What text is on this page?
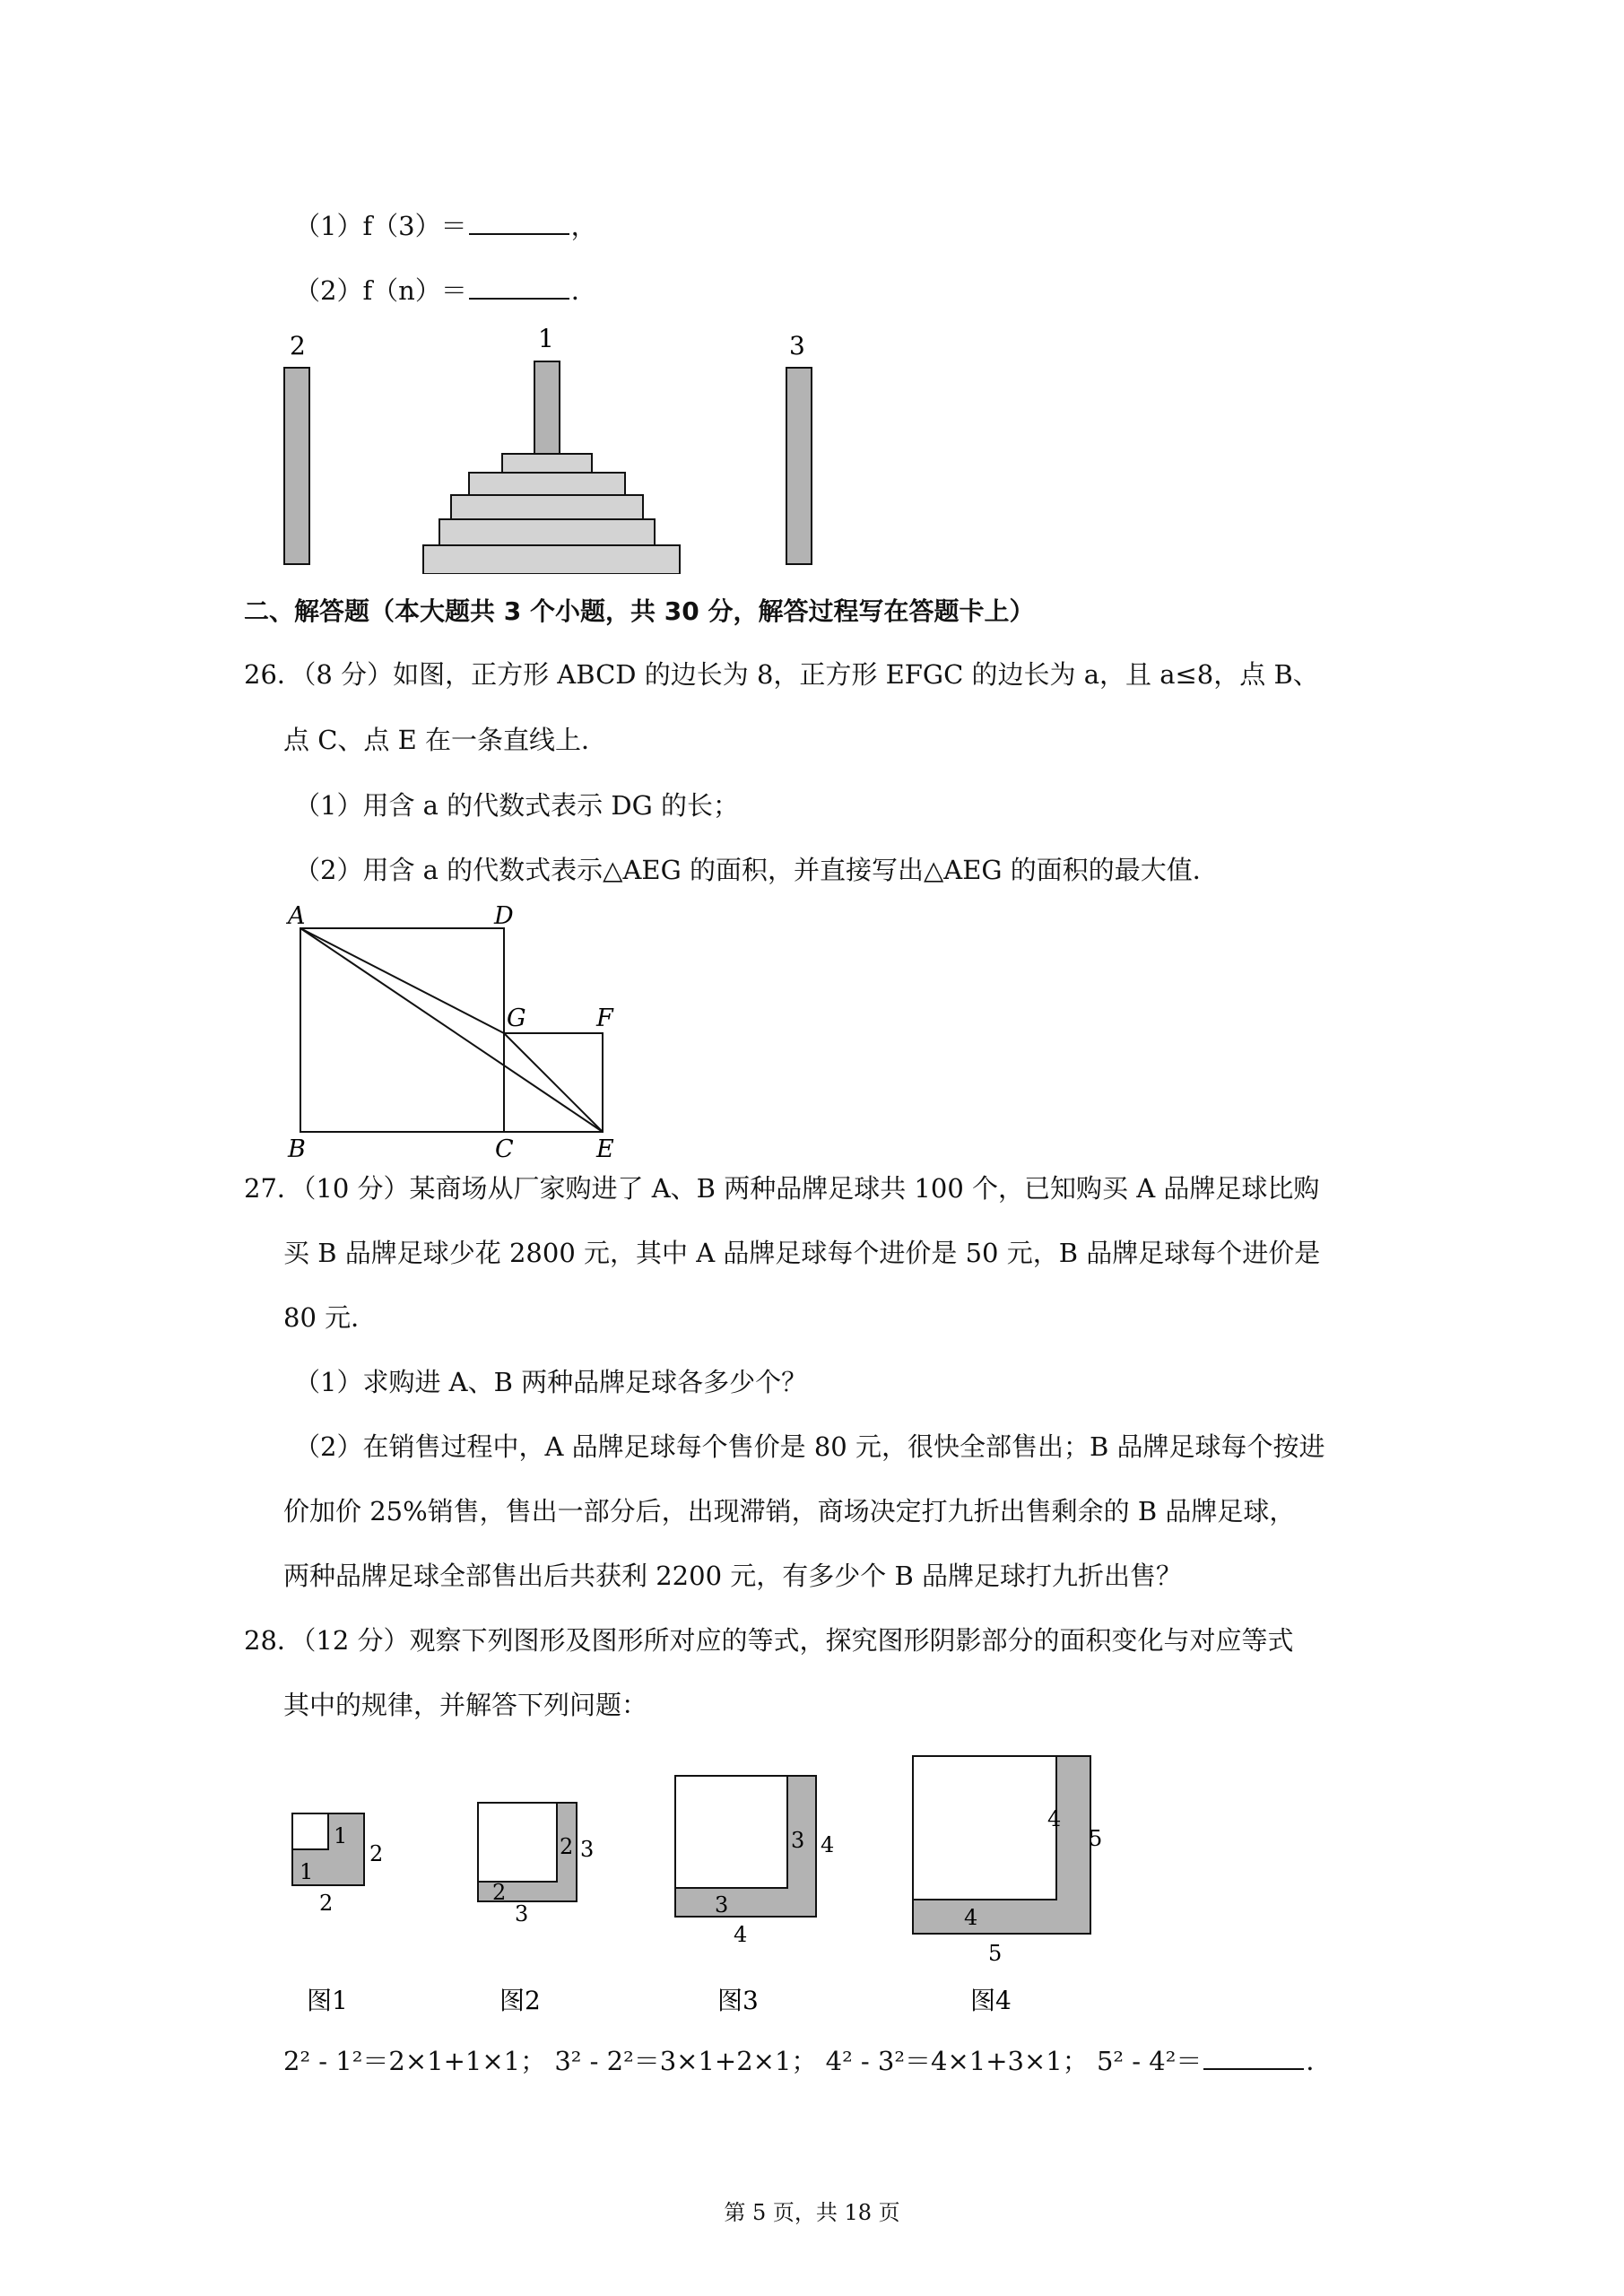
（1）f（3）＝	，
（2）f（n）＝	．
2	1	3
二、解答题（本大题共 3 个小题，共 30 分，解答过程写在答题卡上）
26．（8 分）如图，正方形 ABCD 的边长为 8，正方形 EFGC 的边长为 a，且 a≤8，点 B、
点 C、点 E 在一条直线上．
（1）用含 a 的代数式表示 DG 的长；
（2）用含 a 的代数式表示△AEG 的面积，并直接写出△AEG 的面积的最大值．
A	D
G	F
B	C	E
27．（10 分）某商场从厂家购进了 A、B 两种品牌足球共 100 个，已知购买 A 品牌足球比购
买 B 品牌足球少花 2800 元，其中 A 品牌足球每个进价是 50 元，B 品牌足球每个进价是
80 元．
（1）求购进 A、B 两种品牌足球各多少个？
（2）在销售过程中，A 品牌足球每个售价是 80 元，很快全部售出；B 品牌足球每个按进
价加价 25%销售，售出一部分后，出现滞销，商场决定打九折出售剩余的 B 品牌足球，
两种品牌足球全部售出后共获利 2200 元，有多少个 B 品牌足球打九折出售？
28．（12 分）观察下列图形及图形所对应的等式，探究图形阴影部分的面积变化与对应等式
其中的规律，并解答下列问题：
1
1
2
2
图1
2
2
3
3
图2
3
3
4
4
图3
4
4
5
5
图4
2² - 1²＝2×1+1×1； 3² - 2²＝3×1+2×1； 4² - 3²＝4×1+3×1； 5² - 4²＝	．
第 5 页，共 18 页
